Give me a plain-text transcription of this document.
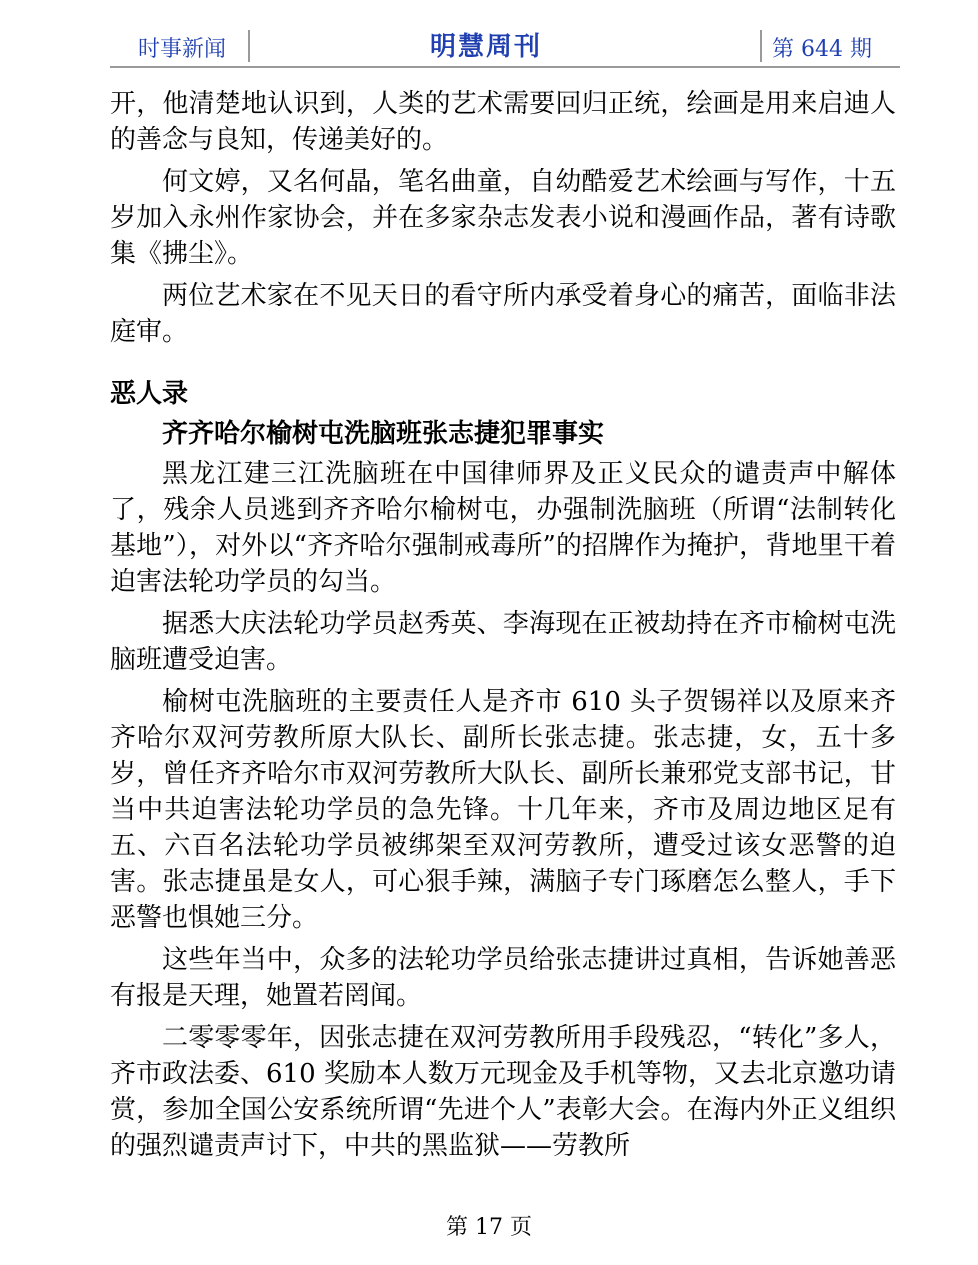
时事新闻	明慧周刊	第 644 期

开，他清楚地认识到，人类的艺术需要回归正统，绘画是用来启迪人的善念与良知，传递美好的。

何文婷，又名何晶，笔名曲童，自幼酷爱艺术绘画与写作，十五岁加入永州作家协会，并在多家杂志发表小说和漫画作品，著有诗歌集《拂尘》。

两位艺术家在不见天日的看守所内承受着身心的痛苦，面临非法庭审。

恶人录
齐齐哈尔榆树屯洗脑班张志捷犯罪事实

黑龙江建三江洗脑班在中国律师界及正义民众的谴责声中解体了，残余人员逃到齐齐哈尔榆树屯，办强制洗脑班（所谓“法制转化基地”），对外以“齐齐哈尔强制戒毒所”的招牌作为掩护，背地里干着迫害法轮功学员的勾当。

据悉大庆法轮功学员赵秀英、李海现在正被劫持在齐市榆树屯洗脑班遭受迫害。

榆树屯洗脑班的主要责任人是齐市 610 头子贺锡祥以及原来齐齐哈尔双河劳教所原大队长、副所长张志捷。张志捷，女，五十多岁，曾任齐齐哈尔市双河劳教所大队长、副所长兼邪党支部书记，甘当中共迫害法轮功学员的急先锋。十几年来，齐市及周边地区足有五、六百名法轮功学员被绑架至双河劳教所，遭受过该女恶警的迫害。张志捷虽是女人，可心狠手辣，满脑子专门琢磨怎么整人，手下恶警也惧她三分。

这些年当中，众多的法轮功学员给张志捷讲过真相，告诉她善恶有报是天理，她置若罔闻。

二零零零年，因张志捷在双河劳教所用手段残忍，“转化”多人，齐市政法委、610 奖励本人数万元现金及手机等物，又去北京邀功请赏，参加全国公安系统所谓“先进个人”表彰大会。在海内外正义组织的强烈谴责声讨下，中共的黑监狱——劳教所

第 17 页
